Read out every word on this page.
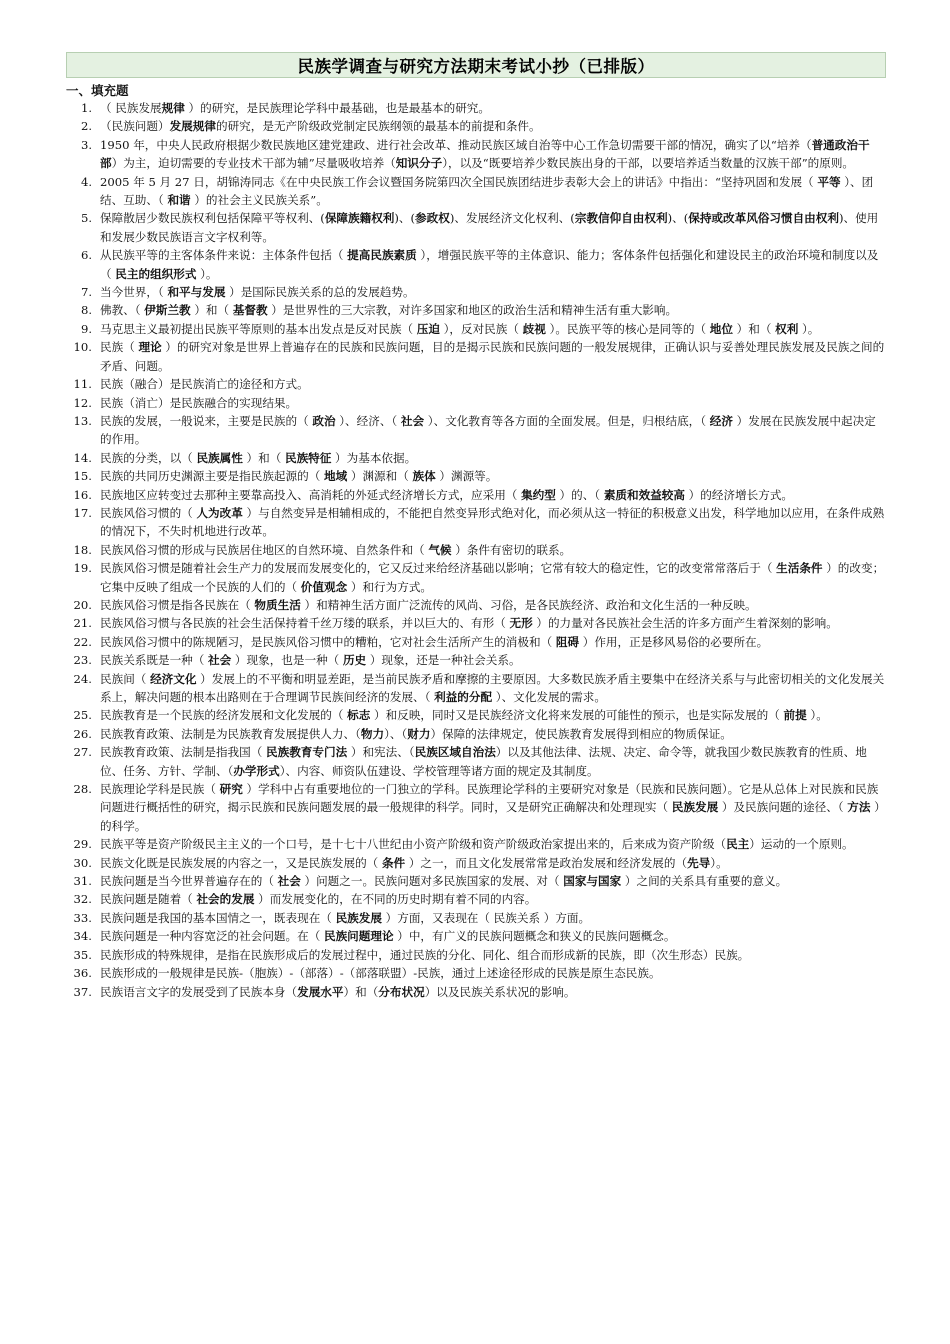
民族学调查与研究方法期末考试小抄（已排版）
一、填充题
1. （ 民族发展规律 ）的研究，是民族理论学科中最基础，也是最基本的研究。
2. （民族问题）发展规律的研究，是无产阶级政党制定民族纲领的最基本的前提和条件。
3. 1950 年，中央人民政府根据少数民族地区建党建政、进行社会改革、推动民族区域自治等中心工作急切需要干部的情况，确实了以“培养（普通政治干部）为主，迫切需要的专业技术干部为辅”尽量吸收培养（知识分子），以及“既要培养少数民族出身的干部，以要培养适当数量的汉族干部”的原则。
4. 2005 年 5 月 27 日，胡锦涛同志《在中央民族工作会议暨国务院第四次全国民族团结进步表彰大会上的讲话》中指出：“坚持巩固和发展（ 平等 ）、团结、互助、（ 和谐 ）的社会主义民族关系”。
5. 保障散居少数民族权利包括保障平等权利、(保障族籍权利)、(参政权)、发展经济文化权利、(宗教信仰自由权利)、(保持或改革风俗习惯自由权利)、使用和发展少数民族语言文字权利等。
6. 从民族平等的主客体条件来说：主体条件包括（ 提高民族素质 ），增强民族平等的主体意识、能力；客体条件包括强化和建设民主的政治环境和制度以及（ 民主的组织形式 ）。
7. 当今世界，（ 和平与发展 ）是国际民族关系的总的发展趋势。
8. 佛教、（ 伊斯兰教 ）和（ 基督教 ）是世界性的三大宗教，对许多国家和地区的政治生活和精神生活有重大影响。
9. 马克思主义最初提出民族平等原则的基本出发点是反对民族（ 压迫 ），反对民族（ 歧视 ）。民族平等的核心是同等的（ 地位 ）和（ 权利 ）。
10. 民族（ 理论 ）的研究对象是世界上普遍存在的民族和民族问题，目的是揭示民族和民族问题的一般发展规律，正确认识与妥善处理民族发展及民族之间的矛盾、问题。
11. 民族（融合）是民族消亡的途径和方式。
12. 民族（消亡）是民族融合的实现结果。
13. 民族的发展，一般说来，主要是民族的（ 政治 ）、经济、（ 社会 ）、文化教育等各方面的全面发展。但是，归根结底，（ 经济 ）发展在民族发展中起决定的作用。
14. 民族的分类，以（ 民族属性 ）和（ 民族特征 ）为基本依据。
15. 民族的共同历史渊源主要是指民族起源的（ 地域 ）渊源和（ 族体 ）渊源等。
16. 民族地区应转变过去那种主要靠高投入、高消耗的外延式经济增长方式，应采用（ 集约型 ）的、（ 素质和效益较高 ）的经济增长方式。
17. 民族风俗习惯的（ 人为改革 ）与自然变异是相辅相成的，不能把自然变异形式绝对化，而必须从这一特征的积极意义出发，科学地加以应用，在条件成熟的情况下，不失时机地进行改革。
18. 民族风俗习惯的形成与民族居住地区的自然环境、自然条件和（ 气候 ）条件有密切的联系。
19. 民族风俗习惯是随着社会生产力的发展而发展变化的，它又反过来给经济基础以影响；它常有较大的稳定性，它的改变常常落后于（ 生活条件 ）的改变；它集中反映了组成一个民族的人们的（ 价值观念 ）和行为方式。
20. 民族风俗习惯是指各民族在（ 物质生活 ）和精神生活方面广泛流传的风尚、习俗，是各民族经济、政治和文化生活的一种反映。
21. 民族风俗习惯与各民族的社会生活保持着千丝万缕的联系，并以巨大的、有形（ 无形 ）的力量对各民族社会生活的许多方面产生着深刻的影响。
22. 民族风俗习惯中的陈规陋习，是民族风俗习惯中的糟粕，它对社会生活所产生的消极和（ 阻碍 ）作用，正是移风易俗的必要所在。
23. 民族关系既是一种（ 社会 ）现象，也是一种（ 历史 ）现象，还是一种社会关系。
24. 民族间（ 经济文化 ）发展上的不平衡和明显差距，是当前民族矛盾和摩擦的主要原因。大多数民族矛盾主要集中在经济关系与与此密切相关的文化发展关系上，解决问题的根本出路则在于合理调节民族间经济的发展、（ 利益的分配 ）、文化发展的需求。
25. 民族教育是一个民族的经济发展和文化发展的（ 标志 ）和反映，同时又是民族经济文化将来发展的可能性的预示，也是实际发展的（ 前提 ）。
26. 民族教育政策、法制是为民族教育发展提供人力、（物力）、（财力）保障的法律规定，使民族教育发展得到相应的物质保证。
27. 民族教育政策、法制是指我国（ 民族教育专门法 ）和宪法、（民族区域自治法）以及其他法律、法规、决定、命令等，就我国少数民族教育的性质、地位、任务、方针、学制、（办学形式）、内容、师资队伍建设、学校管理等诸方面的规定及其制度。
28. 民族理论学科是民族（ 研究 ）学科中占有重要地位的一门独立的学科。民族理论学科的主要研究对象是（民族和民族问题）。它是从总体上对民族和民族问题进行概括性的研究，揭示民族和民族问题发展的最一般规律的科学。同时，又是研究正确解决和处理现实（ 民族发展 ）及民族问题的途径、（ 方法 ）的科学。
29. 民族平等是资产阶级民主主义的一个口号，是十七十八世纪由小资产阶级和资产阶级政治家提出来的，后来成为资产阶级（民主）运动的一个原则。
30. 民族文化既是民族发展的内容之一，又是民族发展的（ 条件 ）之一，而且文化发展常常是政治发展和经济发展的（先导）。
31. 民族问题是当今世界普遍存在的（ 社会 ）问题之一。民族问题对多民族国家的发展、对（ 国家与国家 ）之间的关系具有重要的意义。
32. 民族问题是随着（ 社会的发展 ）而发展变化的，在不同的历史时期有着不同的内容。
33. 民族问题是我国的基本国情之一，既表现在（ 民族发展 ）方面，又表现在（ 民族关系 ）方面。
34. 民族问题是一种内容宽泛的社会问题。在（ 民族问题理论 ）中，有广义的民族问题概念和狭义的民族问题概念。
35. 民族形成的特殊规律，是指在民族形成后的发展过程中，通过民族的分化、同化、组合而形成新的民族，即（次生形态）民族。
36. 民族形成的一般规律是民族-（胞族）-（部落）-（部落联盟）-民族，通过上述途径形成的民族是原生态民族。
37. 民族语言文字的发展受到了民族本身（发展水平）和（分布状况）以及民族关系状况的影响。
